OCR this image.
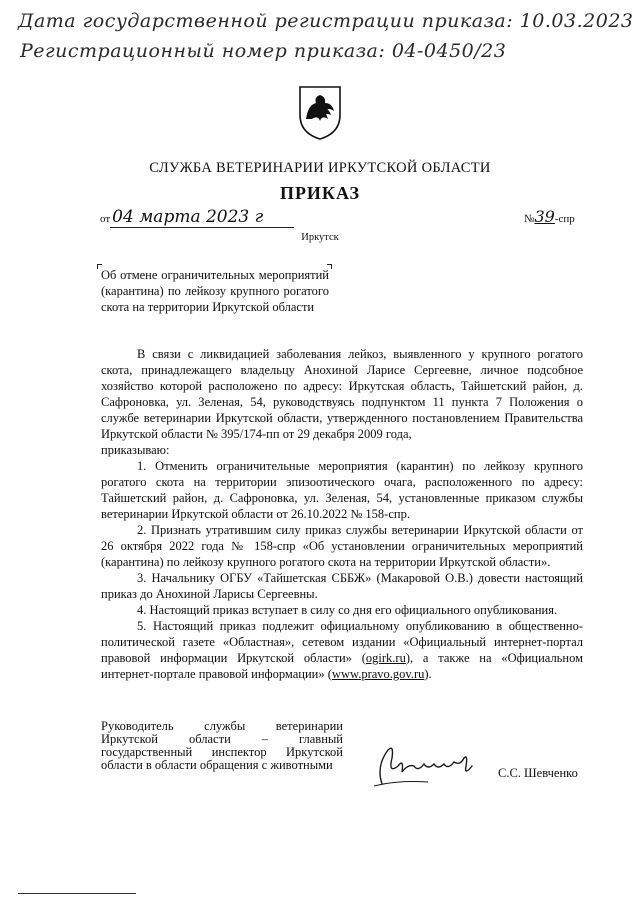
Дата государственной регистрации приказа: 10.03.2023
Регистрационный номер приказа: 04-0450/23
СЛУЖБА ВЕТЕРИНАРИИ ИРКУТСКОЙ ОБЛАСТИ
ПРИКАЗ
от 04 марта 2023 г	№39-спр
Иркутск

Об отмене ограничительных мероприятий (карантина) по лейкозу крупного рогатого скота на территории Иркутской области

В связи с ликвидацией заболевания лейкоз, выявленного у крупного рогатого скота, принадлежащего владельцу Анохиной Ларисе Сергеевне, личное подсобное хозяйство которой расположено по адресу: Иркутская область, Тайшетский район, д. Сафроновка, ул. Зеленая, 54, руководствуясь подпунктом 11 пункта 7 Положения о службе ветеринарии Иркутской области, утвержденного постановлением Правительства Иркутской области № 395/174-пп от 29 декабря 2009 года,

приказываю:

1. Отменить ограничительные мероприятия (карантин) по лейкозу крупного рогатого скота на территории эпизоотического очага, расположенного по адресу: Тайшетский район, д. Сафроновка, ул. Зеленая, 54, установленные приказом службы ветеринарии Иркутской области от 26.10.2022 № 158-спр.

2. Признать утратившим силу приказ службы ветеринарии Иркутской области от 26 октября 2022 года № 158-спр «Об установлении ограничительных мероприятий (карантина) по лейкозу крупного рогатого скота на территории Иркутской области».

3. Начальнику ОГБУ «Тайшетская СББЖ» (Макаровой О.В.) довести настоящий приказ до Анохиной Ларисы Сергеевны.

4. Настоящий приказ вступает в силу со дня его официального опубликования.

5. Настоящий приказ подлежит официальному опубликованию в общественно-политической газете «Областная», сетевом издании «Официальный интернет-портал правовой информации Иркутской области» (ogirk.ru), а также на «Официальном интернет-портале правовой информации» (www.pravo.gov.ru).

Руководитель службы ветеринарии Иркутской области – главный государственный инспектор Иркутской области в области обращения с животными

С.С. Шевченко
